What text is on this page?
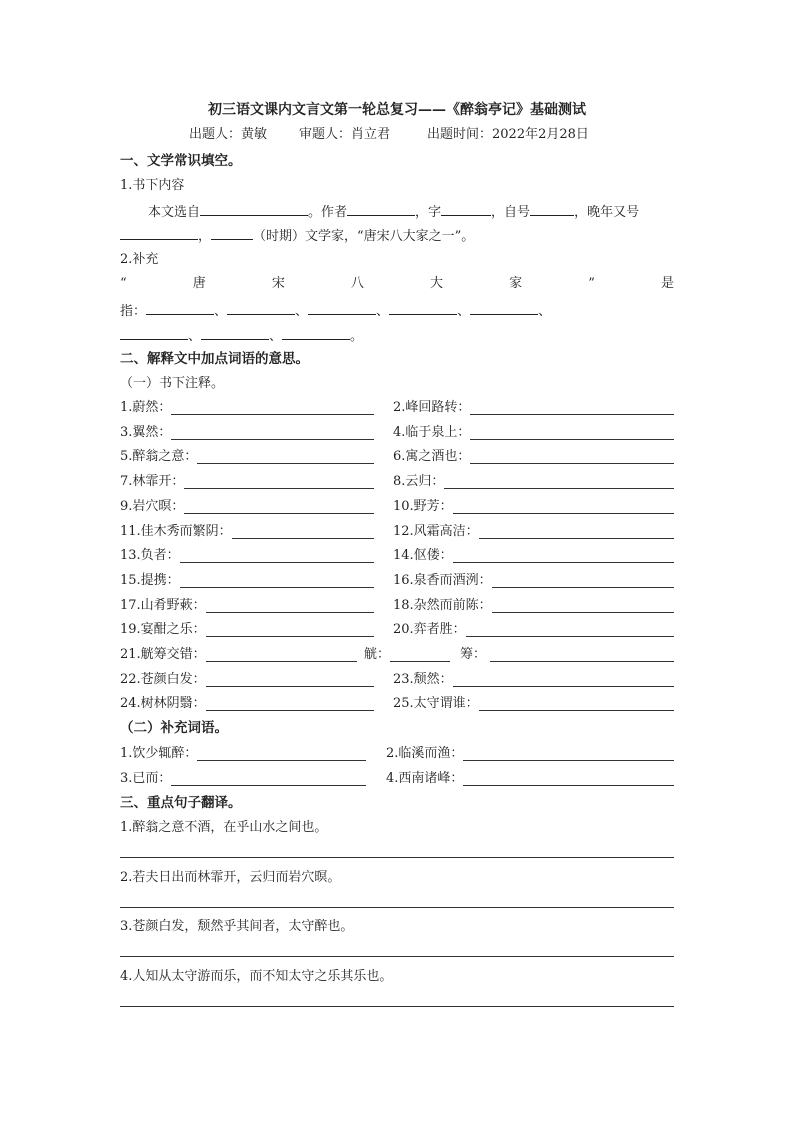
初三语文课内文言文第一轮总复习——《醉翁亭记》基础测试
出题人：黄敏 审题人：肖立君	出题时间：2022年2月28日
一、文学常识填空。
1.书下内容
本文选自	。作者	，字	，自号	，晚年又号
，	（时期）文学家，“唐宋八大家之一”。
2.补充
“	唐	宋	八	大	家	”	是
指：	、	、	、	、	、
、	、	。
二、解释文中加点词语的意思。
（一）书下注释。
1.蔚然：	2.峰回路转：
3.翼然：	4.临于泉上：
5.醉翁之意：	6.寓之酒也：
7.林霏开：	8.云归：
9.岩穴暝：	10.野芳：
11.佳木秀而繁阴：	12.风霜高洁：
13.负者：	14.伛偻：
15.提携：	16.泉香而酒洌：
17.山肴野蔌：	18.杂然而前陈：
19.宴酣之乐：	20.弈者胜：
21.觥筹交错：	觥：	筹：
22.苍颜白发：	23.颓然：
24.树林阴翳：	25.太守谓谁：
（二）补充词语。
1.饮少辄醉：	2.临溪而渔：
3.已而：	4.西南诸峰：
三、重点句子翻译。
1.醉翁之意不酒，在乎山水之间也。
2.若夫日出而林霏开，云归而岩穴暝。
3.苍颜白发，颓然乎其间者，太守醉也。
4.人知从太守游而乐，而不知太守之乐其乐也。
